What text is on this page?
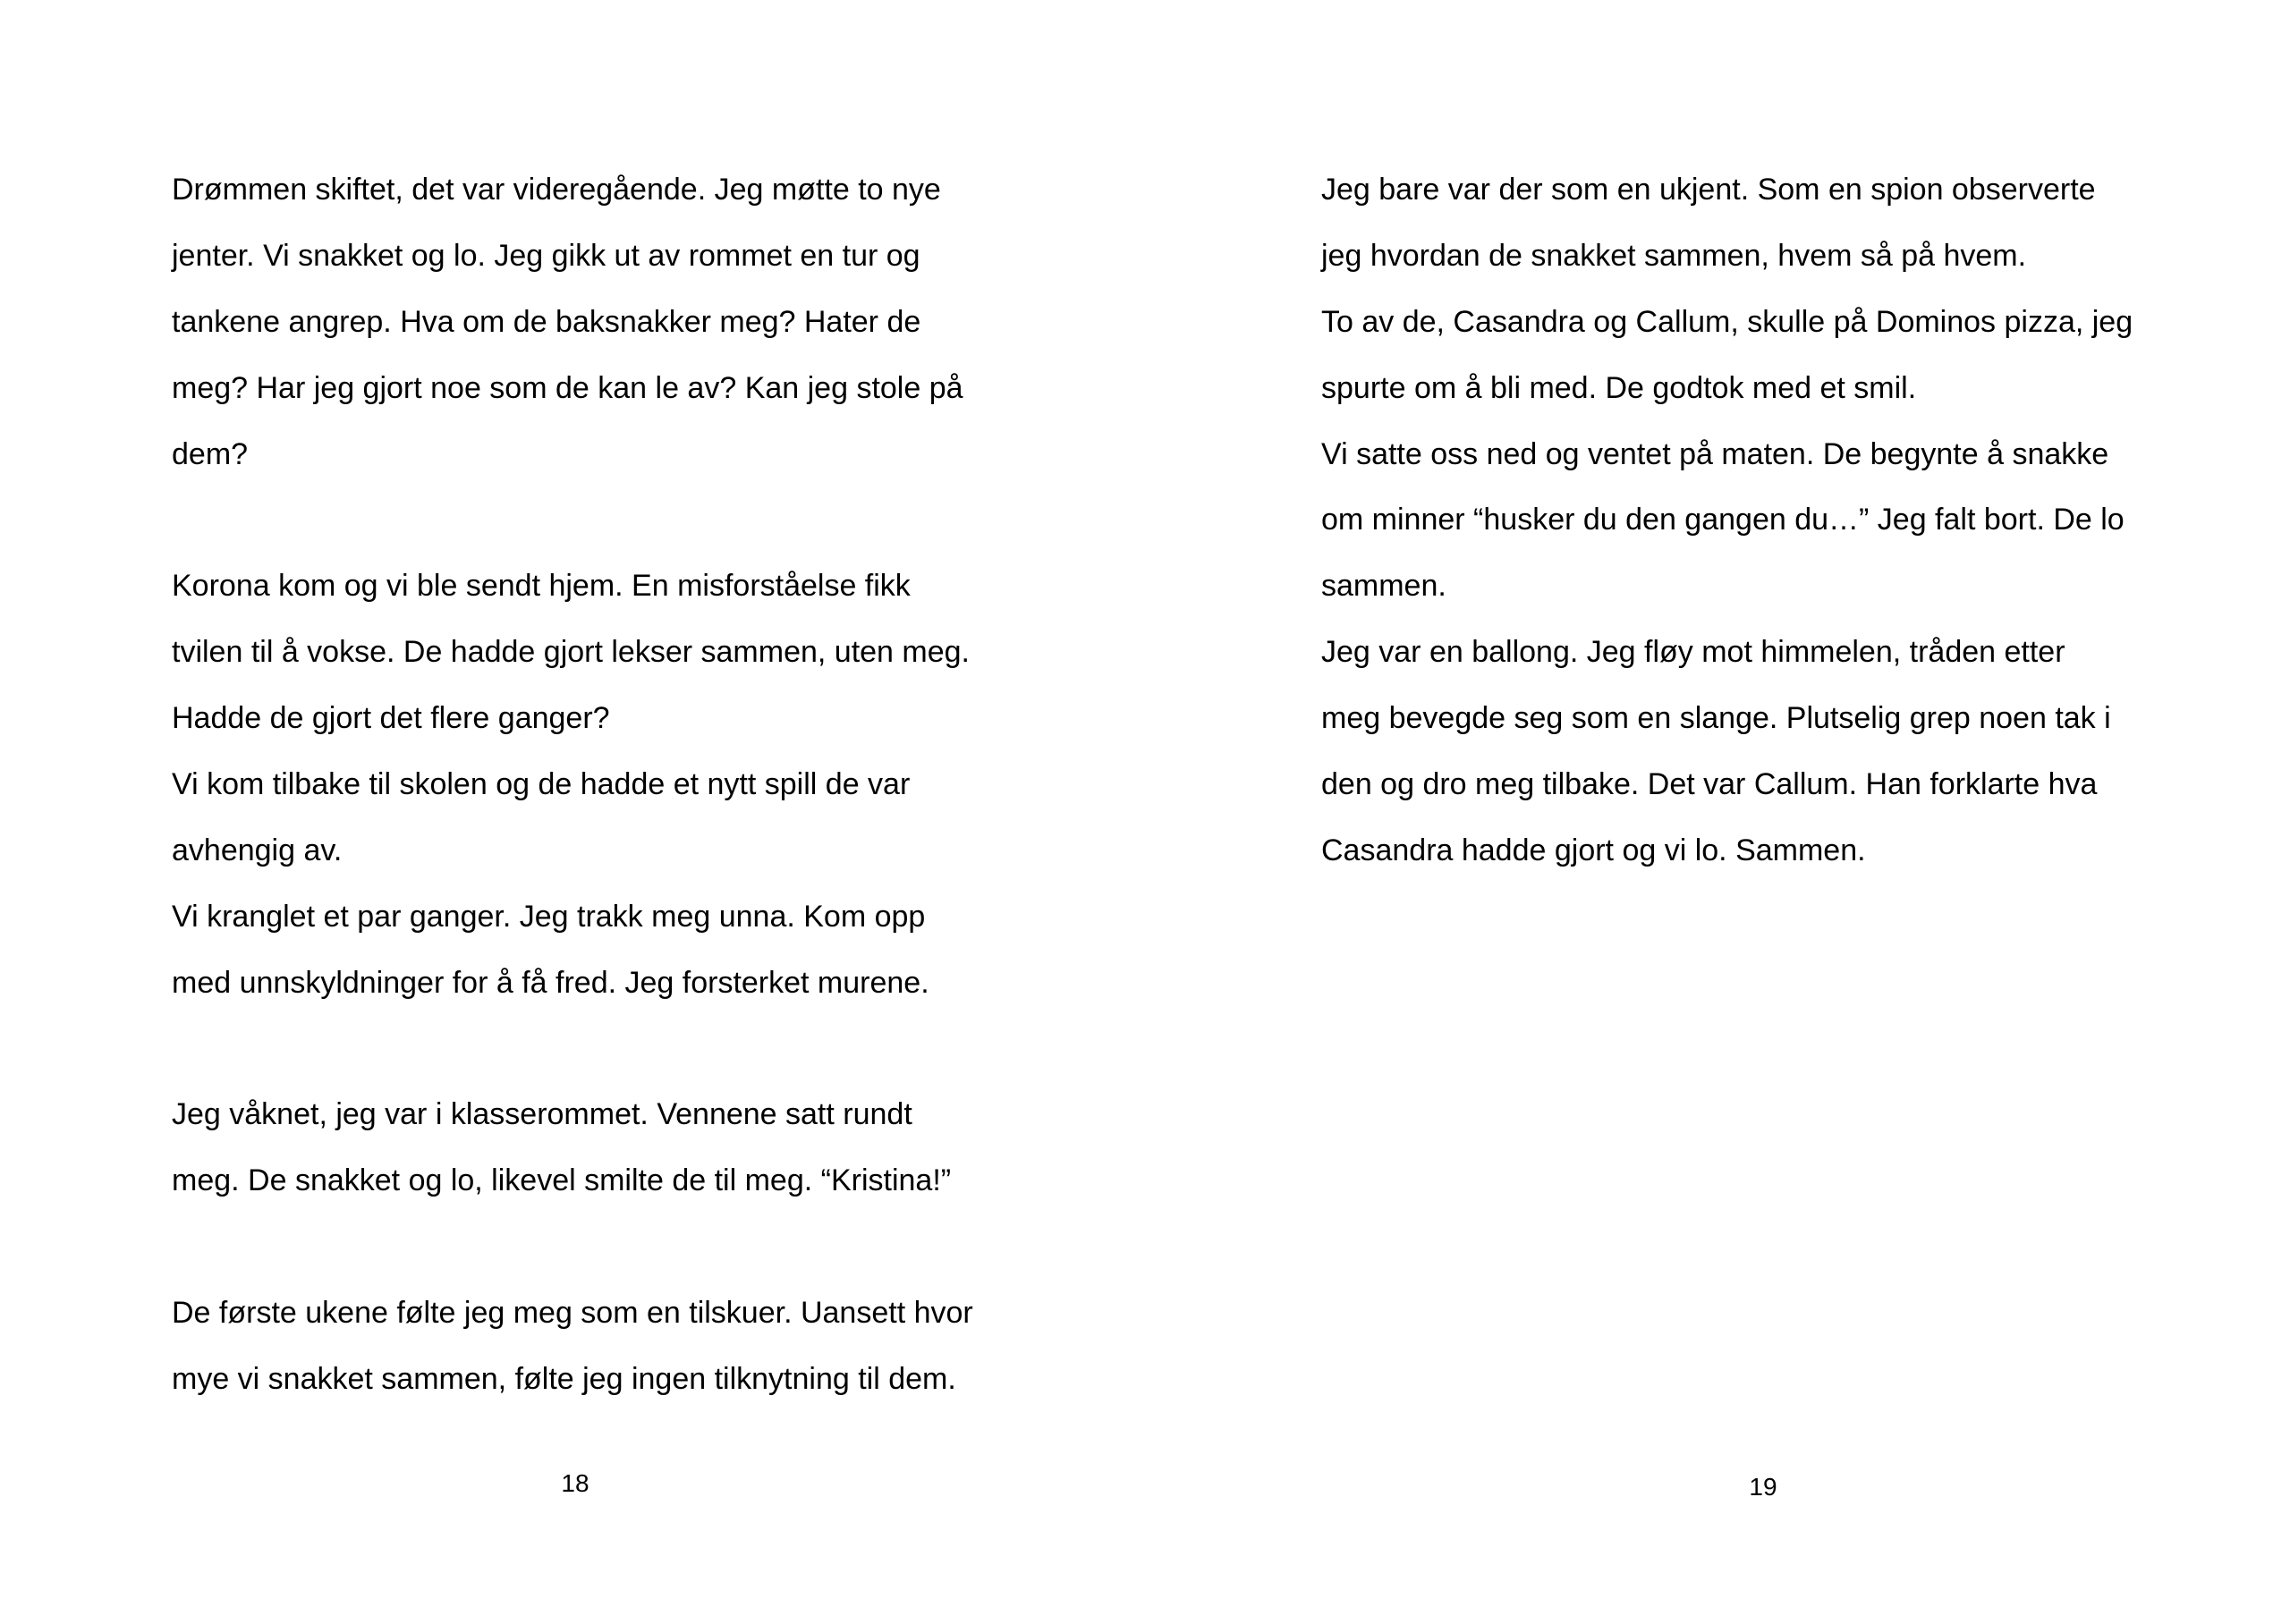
Drømmen skiftet, det var videregående. Jeg møtte to nye
jenter. Vi snakket og lo. Jeg gikk ut av rommet en tur og
tankene angrep. Hva om de baksnakker meg? Hater de
meg? Har jeg gjort noe som de kan le av? Kan jeg stole på
dem?
Korona kom og vi ble sendt hjem. En misforståelse fikk
tvilen til å vokse. De hadde gjort lekser sammen, uten meg.
Hadde de gjort det flere ganger?
Vi kom tilbake til skolen og de hadde et nytt spill de var
avhengig av.
Vi kranglet et par ganger. Jeg trakk meg unna. Kom opp
med unnskyldninger for å få fred. Jeg forsterket murene.
Jeg våknet, jeg var i klasserommet. Vennene satt rundt
meg. De snakket og lo, likevel smilte de til meg. “Kristina!”
De første ukene følte jeg meg som en tilskuer. Uansett hvor
mye vi snakket sammen, følte jeg ingen tilknytning til dem.
18
Jeg bare var der som en ukjent. Som en spion observerte
jeg hvordan de snakket sammen, hvem så på hvem.
To av de, Casandra og Callum, skulle på Dominos pizza, jeg
spurte om å bli med. De godtok med et smil.
Vi satte oss ned og ventet på maten. De begynte å snakke
om minner “husker du den gangen du…” Jeg falt bort. De lo
sammen.
Jeg var en ballong. Jeg fløy mot himmelen, tråden etter
meg bevegde seg som en slange. Plutselig grep noen tak i
den og dro meg tilbake. Det var Callum. Han forklarte hva
Casandra hadde gjort og vi lo. Sammen.
19
